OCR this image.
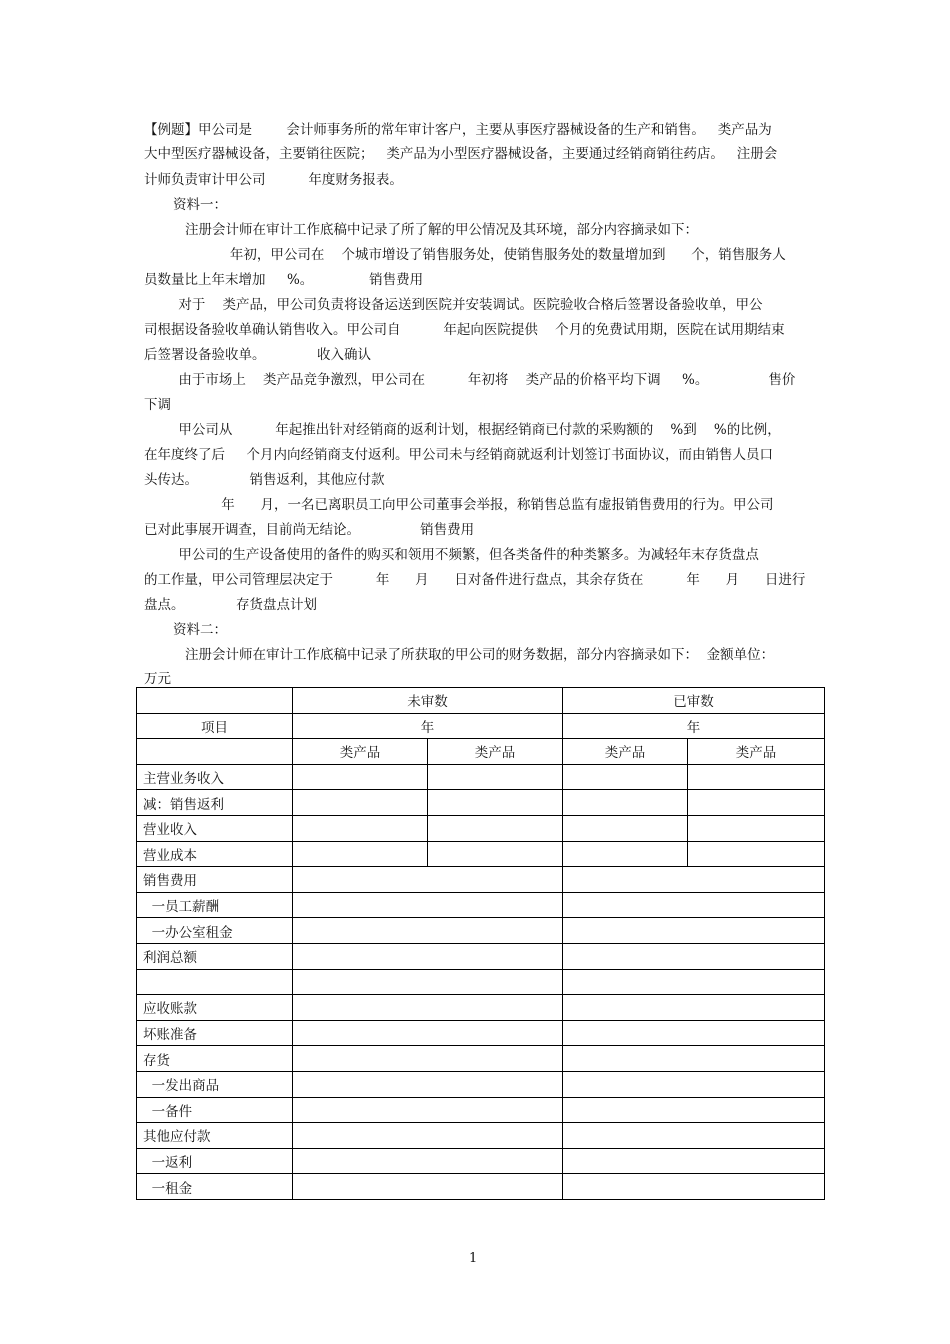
【例题】甲公司是        会计师事务所的常年审计客户，主要从事医疗器械设备的生产和销售。   类产品为
大中型医疗器械设备，主要销往医院；   类产品为小型医疗器械设备，主要通过经销商销往药店。   注册会
计师负责审计甲公司          年度财务报表。
资料一：
注册会计师在审计工作底稿中记录了所了解的甲公情况及其环境，部分内容摘录如下：
年初，甲公司在    个城市增设了销售服务处，使销售服务处的数量增加到      个，销售服务人
员数量比上年末增加     %。             销售费用
对于    类产品，甲公司负责将设备运送到医院并安装调试。医院验收合格后签署设备验收单，甲公
司根据设备验收单确认销售收入。甲公司自          年起向医院提供    个月的免费试用期，医院在试用期结束
后签署设备验收单。            收入确认
由于市场上    类产品竞争激烈，甲公司在          年初将    类产品的价格平均下调     %。              售价
下调
甲公司从          年起推出针对经销商的返利计划，根据经销商已付款的采购额的    %到    %的比例，
在年度终了后     个月内向经销商支付返利。甲公司未与经销商就返利计划签订书面协议，而由销售人员口
头传达。            销售返利，其他应付款
年      月，一名已离职员工向甲公司董事会举报，称销售总监有虚报销售费用的行为。甲公司
已对此事展开调查，目前尚无结论。              销售费用
甲公司的生产设备使用的备件的购买和领用不频繁，但各类备件的种类繁多。为减轻年末存货盘点
的工作量，甲公司管理层决定于          年      月      日对备件进行盘点，其余存货在          年      月      日进行
盘点。            存货盘点计划
资料二：
注册会计师在审计工作底稿中记录了所获取的甲公司的财务数据，部分内容摘录如下：  金额单位：
万元
	未审数		已审数	
项目	年		年	
	类产品	类产品	类产品	类产品
主营业务收入				
减：销售返利				
营业收入				
营业成本				
销售费用				
一员工薪酬				
一办公室租金				
利润总额				

应收账款				
坏账准备				
存货				
一发出商品				
一备件				
其他应付款				
一返利				
一租金				
1
